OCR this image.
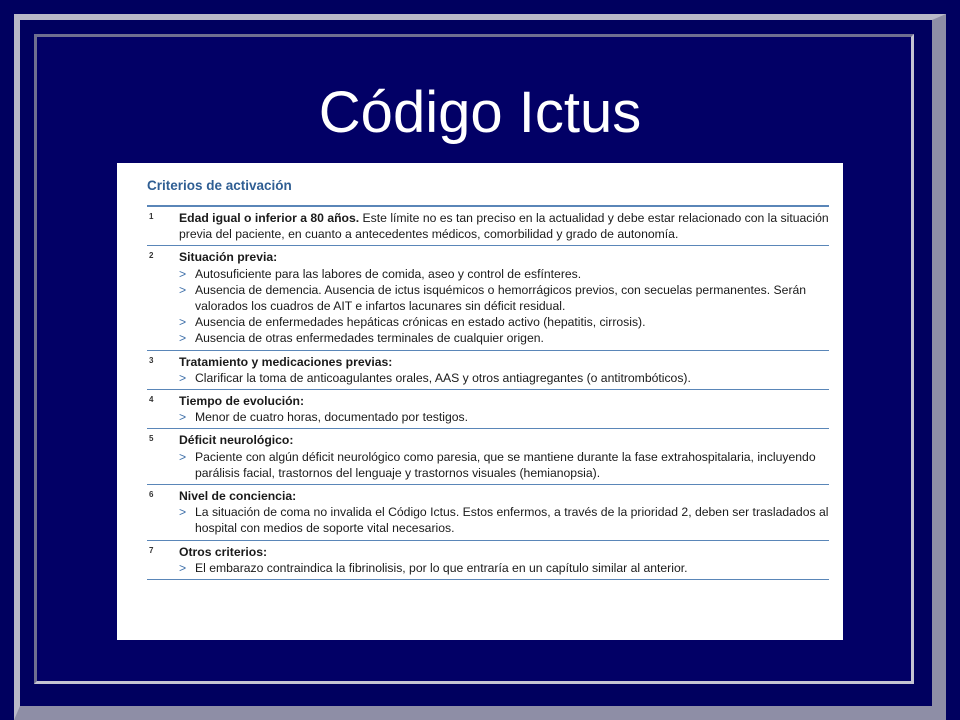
Código Ictus
Criterios de activación
1	Edad igual o inferior a 80 años. Este límite no es tan preciso en la actualidad y debe estar relacionado con la situación previa del paciente, en cuanto a antecedentes médicos, comorbilidad y grado de autonomía.
2	Situación previa:
> Autosuficiente para las labores de comida, aseo y control de esfínteres.
> Ausencia de demencia. Ausencia de ictus isquémicos o hemorrágicos previos, con secuelas permanentes. Serán valorados los cuadros de AIT e infartos lacunares sin déficit residual.
> Ausencia de enfermedades hepáticas crónicas en estado activo (hepatitis, cirrosis).
> Ausencia de otras enfermedades terminales de cualquier origen.
3	Tratamiento y medicaciones previas:
> Clarificar la toma de anticoagulantes orales, AAS y otros antiagregantes (o antitrombóticos).
4	Tiempo de evolución:
> Menor de cuatro horas, documentado por testigos.
5	Déficit neurológico:
> Paciente con algún déficit neurológico como paresia, que se mantiene durante la fase extrahospitalaria, incluyendo parálisis facial, trastornos del lenguaje y trastornos visuales (hemianopsia).
6	Nivel de conciencia:
> La situación de coma no invalida el Código Ictus. Estos enfermos, a través de la prioridad 2, deben ser trasladados al hospital con medios de soporte vital necesarios.
7	Otros criterios:
> El embarazo contraindica la fibrinolisis, por lo que entraría en un capítulo similar al anterior.
